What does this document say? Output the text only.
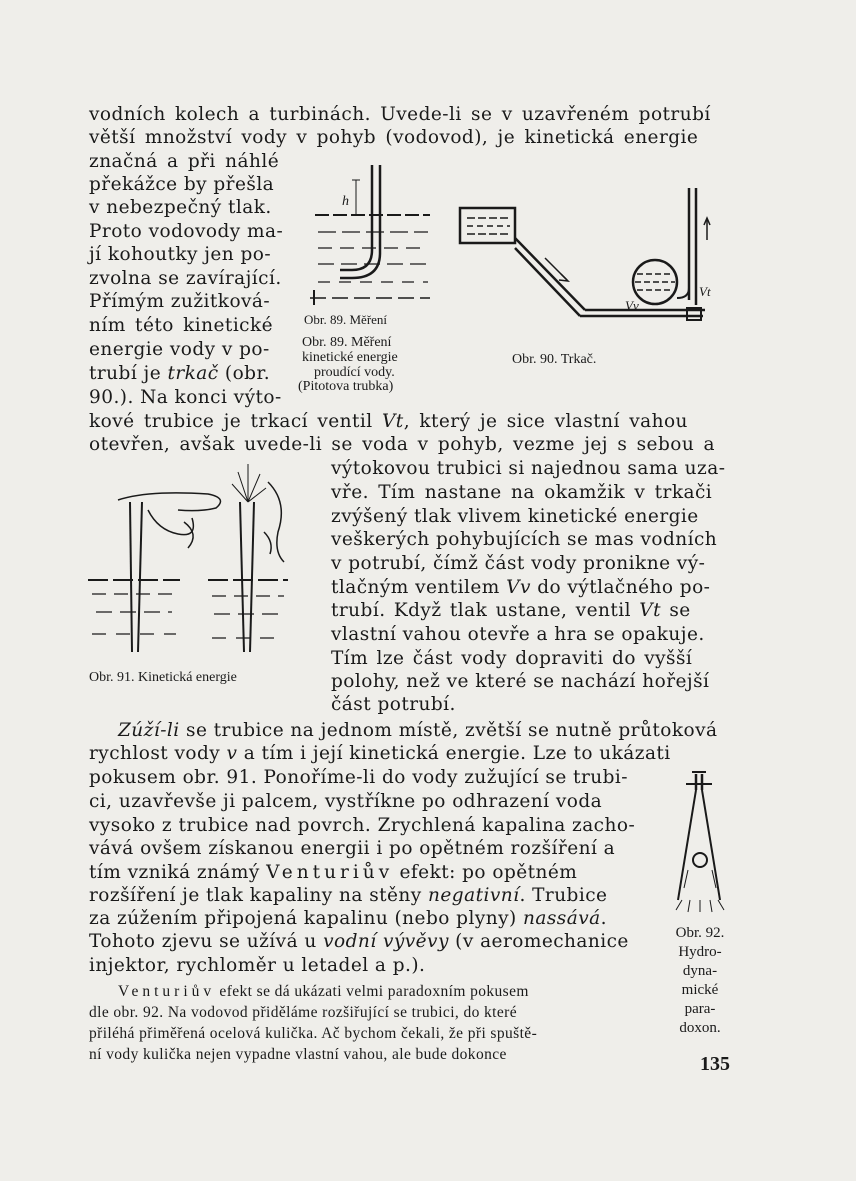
vodních kolech a turbinách. Uvede-li se v uzavřeném potrubí
větší množství vody v pohyb (vodovod), je kinetická energie
značná a při náhlé
překážce by přešla
v nebezpečný tlak.
Proto vodovody ma-
jí kohoutky jen po-
zvolna se zavírající.
Přímým zužitková-
ním této kinetické
energie vody v po-
trubí je trkač (obr.
90.). Na konci výto-
kové trubice je trkací ventil Vt, který je sice vlastní vahou
otevřen, avšak uvede-li se voda v pohyb, vezme jej s sebou a
výtokovou trubici si najednou sama uza-
vře. Tím nastane na okamžik v trkači
zvýšený tlak vlivem kinetické energie
veškerých pohybujících se mas vodních
v potrubí, čímž část vody pronikne vý-
tlačným ventilem Vv do výtlačného po-
trubí. Když tlak ustane, ventil Vt se
vlastní vahou otevře a hra se opakuje.
Tím lze část vody dopraviti do vyšší
polohy, než ve které se nachází hořejší
část potrubí.
Zúží-li se trubice na jednom místě, zvětší se nutně průtoková
rychlost vody v a tím i její kinetická energie. Lze to ukázati
pokusem obr. 91. Ponoříme-li do vody zužující se trubi-
ci, uzavřevše ji palcem, vystříkne po odhrazení voda
vysoko z trubice nad povrch. Zrychlená kapalina zacho-
vává ovšem získanou energii i po opětném rozšíření a
tím vzniká známý Venturiův efekt: po opětném
rozšíření je tlak kapaliny na stěny negativní. Trubice
za zúžením připojená kapalinu (nebo plyny) nassává.
Tohoto zjevu se užívá u vodní vývěvy (v aeromechanice
injektor, rychloměr u letadel a p.).
Venturiův efekt se dá ukázati velmi paradoxním pokusem
dle obr. 92. Na vodovod přiděláme rozšiřující se trubici, do které
přiléhá přiměřená ocelová kulička. Ač bychom čekali, že při spuště-
ní vody kulička nejen vypadne vlastní vahou, ale bude dokonce	135
h
Obr. 89. Měření
Obr. 89. Měření
kinetické energie
proudící vody.
(Pitotova trubka)
Vv
Vt
Obr. 90. Trkač.
Obr. 91. Kinetická energie
Obr. 92.
Hydro-
dyna-
mické
para-
doxon.
